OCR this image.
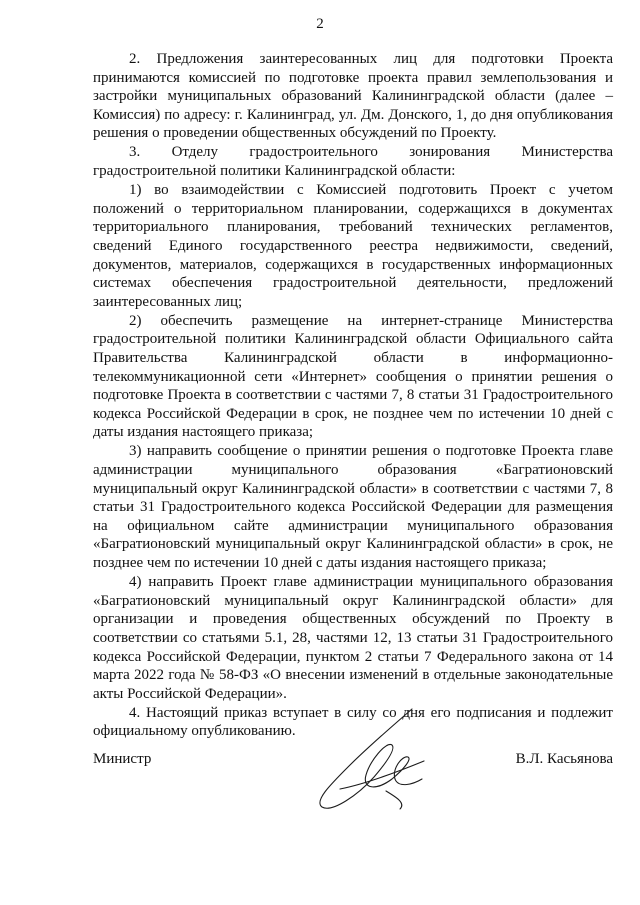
2

2. Предложения заинтересованных лиц для подготовки Проекта принимаются комиссией по подготовке проекта правил землепользования и застройки муниципальных образований Калининградской области (далее – Комиссия) по адресу: г. Калининград, ул. Дм. Донского, 1, до дня опубликования решения о проведении общественных обсуждений по Проекту.

3. Отделу градостроительного зонирования Министерства градостроительной политики Калининградской области:

1) во взаимодействии с Комиссией подготовить Проект с учетом положений о территориальном планировании, содержащихся в документах территориального планирования, требований технических регламентов, сведений Единого государственного реестра недвижимости, сведений, документов, материалов, содержащихся в государственных информационных системах обеспечения градостроительной деятельности, предложений заинтересованных лиц;

2) обеспечить размещение на интернет-странице Министерства градостроительной политики Калининградской области Официального сайта Правительства Калининградской области в информационно-телекоммуникационной сети «Интернет» сообщения о принятии решения о подготовке Проекта в соответствии с частями 7, 8 статьи 31 Градостроительного кодекса Российской Федерации в срок, не позднее чем по истечении 10 дней с даты издания настоящего приказа;

3) направить сообщение о принятии решения о подготовке Проекта главе администрации муниципального образования «Багратионовский муниципальный округ Калининградской области» в соответствии с частями 7, 8 статьи 31 Градостроительного кодекса Российской Федерации для размещения на официальном сайте администрации муниципального образования «Багратионовский муниципальный округ Калининградской области» в срок, не позднее чем по истечении 10 дней с даты издания настоящего приказа;

4) направить Проект главе администрации муниципального образования «Багратионовский муниципальный округ Калининградской области» для организации и проведения общественных обсуждений по Проекту в соответствии со статьями 5.1, 28, частями 12, 13 статьи 31 Градостроительного кодекса Российской Федерации, пунктом 2 статьи 7 Федерального закона от 14 марта 2022 года № 58-ФЗ «О внесении изменений в отдельные законодательные акты Российской Федерации».

4. Настоящий приказ вступает в силу со дня его подписания и подлежит официальному опубликованию.

Министр	В.Л. Касьянова
